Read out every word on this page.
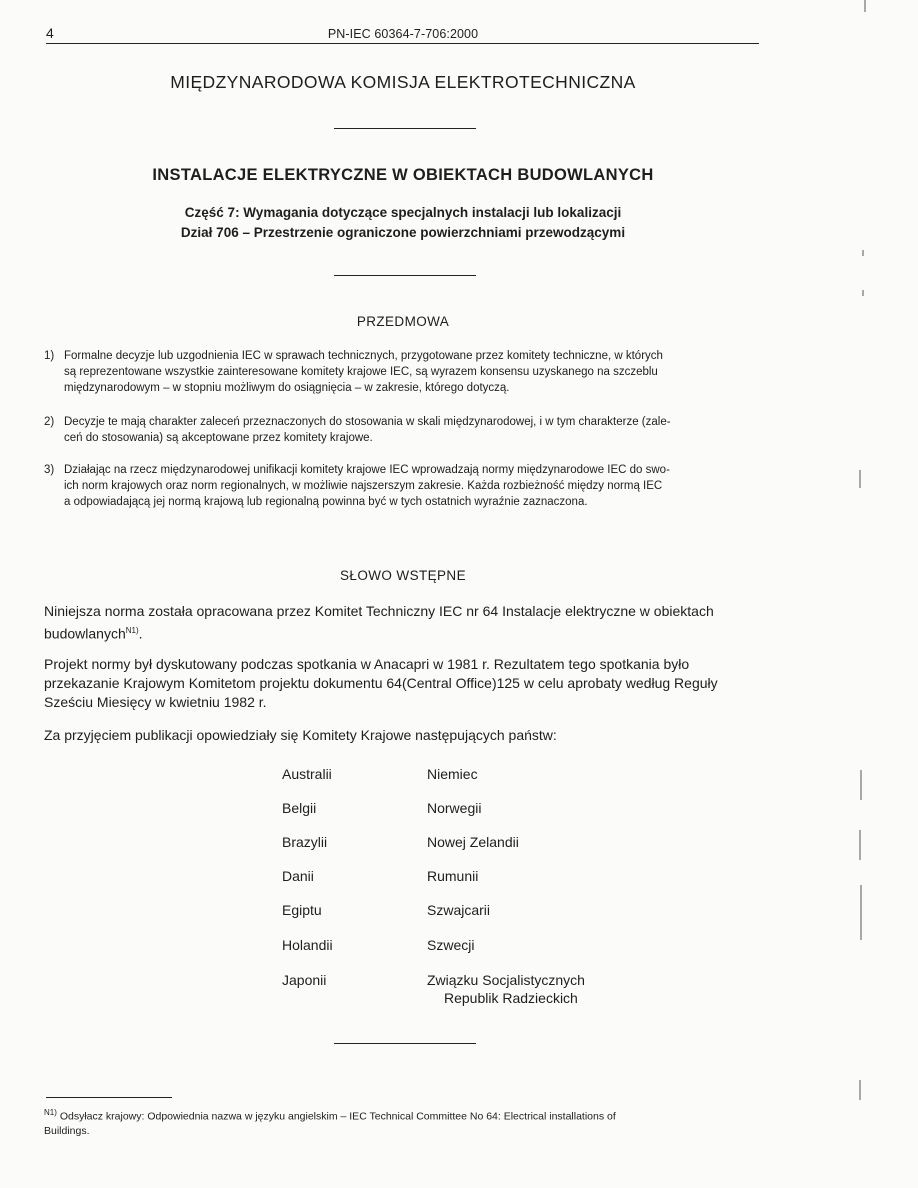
4	PN-IEC 60364-7-706:2000
MIĘDZYNARODOWA KOMISJA ELEKTROTECHNICZNA
INSTALACJE ELEKTRYCZNE W OBIEKTACH BUDOWLANYCH
Część 7: Wymagania dotyczące specjalnych instalacji lub lokalizacji
Dział 706 – Przestrzenie ograniczone powierzchniami przewodzącymi
PRZEDMOWA
1) Formalne decyzje lub uzgodnienia IEC w sprawach technicznych, przygotowane przez komitety techniczne, w których
są reprezentowane wszystkie zainteresowane komitety krajowe IEC, są wyrazem konsensu uzyskanego na szczeblu
międzynarodowym – w stopniu możliwym do osiągnięcia – w zakresie, którego dotyczą.
2) Decyzje te mają charakter zaleceń przeznaczonych do stosowania w skali międzynarodowej, i w tym charakterze (zale-
ceń do stosowania) są akceptowane przez komitety krajowe.
3) Działając na rzecz międzynarodowej unifikacji komitety krajowe IEC wprowadzają normy międzynarodowe IEC do swo-
ich norm krajowych oraz norm regionalnych, w możliwie najszerszym zakresie. Każda rozbieżność między normą IEC
a odpowiadającą jej normą krajową lub regionalną powinna być w tych ostatnich wyraźnie zaznaczona.
SŁOWO WSTĘPNE
Niniejsza norma została opracowana przez Komitet Techniczny IEC nr 64 Instalacje elektryczne w obiektach
budowlanych$^{N1)}$.
Projekt normy był dyskutowany podczas spotkania w Anacapri w 1981 r. Rezultatem tego spotkania było
przekazanie Krajowym Komitetom projektu dokumentu 64(Central Office)125 w celu aprobaty według Reguły
Sześciu Miesięcy w kwietniu 1982 r.
Za przyjęciem publikacji opowiedziały się Komitety Krajowe następujących państw:
Australii
Belgii
Brazylii
Danii
Egiptu
Holandii
Japonii
Niemiec
Norwegii
Nowej Zelandii
Rumunii
Szwajcarii
Szwecji
Związku Socjalistycznych
Republik Radzieckich
$^{N1)}$ Odsyłacz krajowy: Odpowiednia nazwa w języku angielskim – IEC Technical Committee No 64: Electrical installations of
Buildings.
